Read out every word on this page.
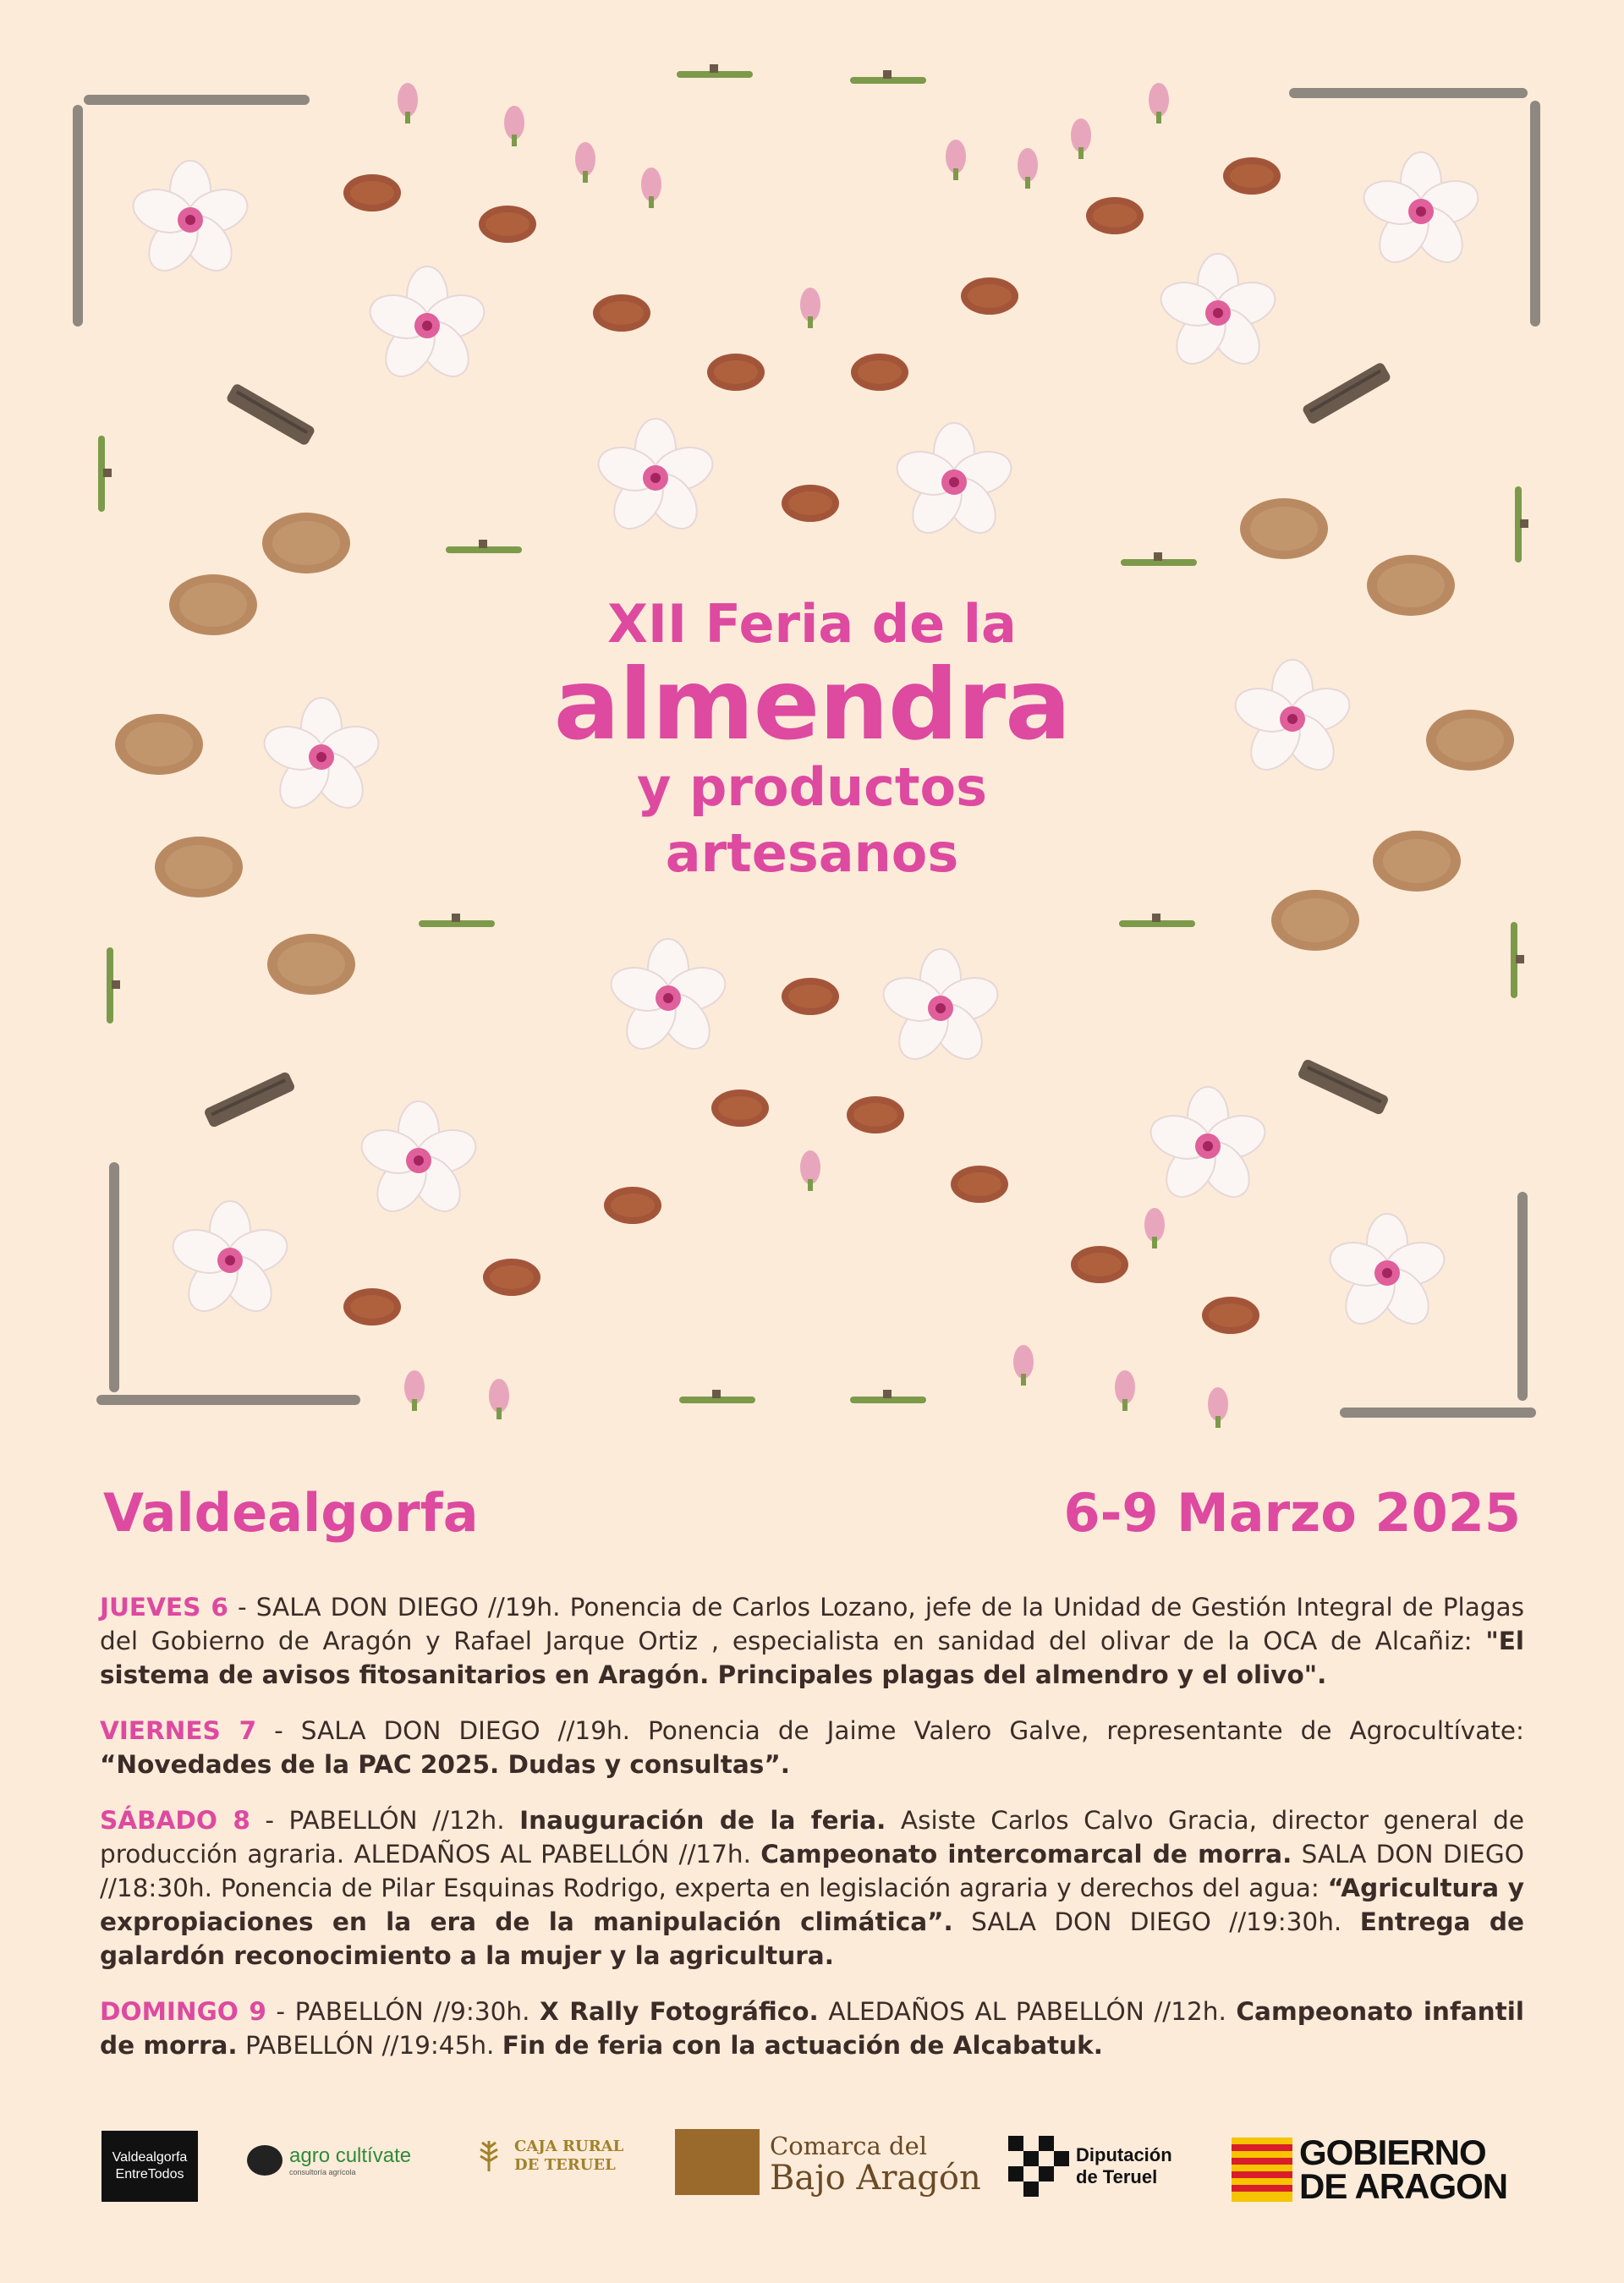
XII Feria de la
almendra
y productos
artesanos
Valdealgorfa	6-9 Marzo 2025

JUEVES 6 - SALA DON DIEGO //19h. Ponencia de Carlos Lozano, jefe de la Unidad de Gestión Integral de Plagas del Gobierno de Aragón y Rafael Jarque Ortiz , especialista en sanidad del olivar de la OCA de Alcañiz: "El sistema de avisos fitosanitarios en Aragón. Principales plagas del almendro y el olivo".

VIERNES 7 - SALA DON DIEGO //19h. Ponencia de Jaime Valero Galve, representante de Agrocultívate: “Novedades de la PAC 2025. Dudas y consultas”.

SÁBADO 8 - PABELLÓN //12h. Inauguración de la feria. Asiste Carlos Calvo Gracia, director general de producción agraria. ALEDAÑOS AL PABELLÓN //17h. Campeonato intercomarcal de morra. SALA DON DIEGO //18:30h. Ponencia de Pilar Esquinas Rodrigo, experta en legislación agraria y derechos del agua: “Agricultura y expropiaciones en la era de la manipulación climática”. SALA DON DIEGO //19:30h. Entrega de galardón reconocimiento a la mujer y la agricultura.

DOMINGO 9 - PABELLÓN //9:30h. X Rally Fotográfico. ALEDAÑOS AL PABELLÓN //12h. Campeonato infantil de morra. PABELLÓN //19:45h. Fin de feria con la actuación de Alcabatuk.

Valdealgorfa
EntreTodos
agro cultívate
consultoría agrícola
CAJA RURAL
DE TERUEL
Comarca del
Bajo Aragón
Diputación
de Teruel
GOBIERNO
DE ARAGON
